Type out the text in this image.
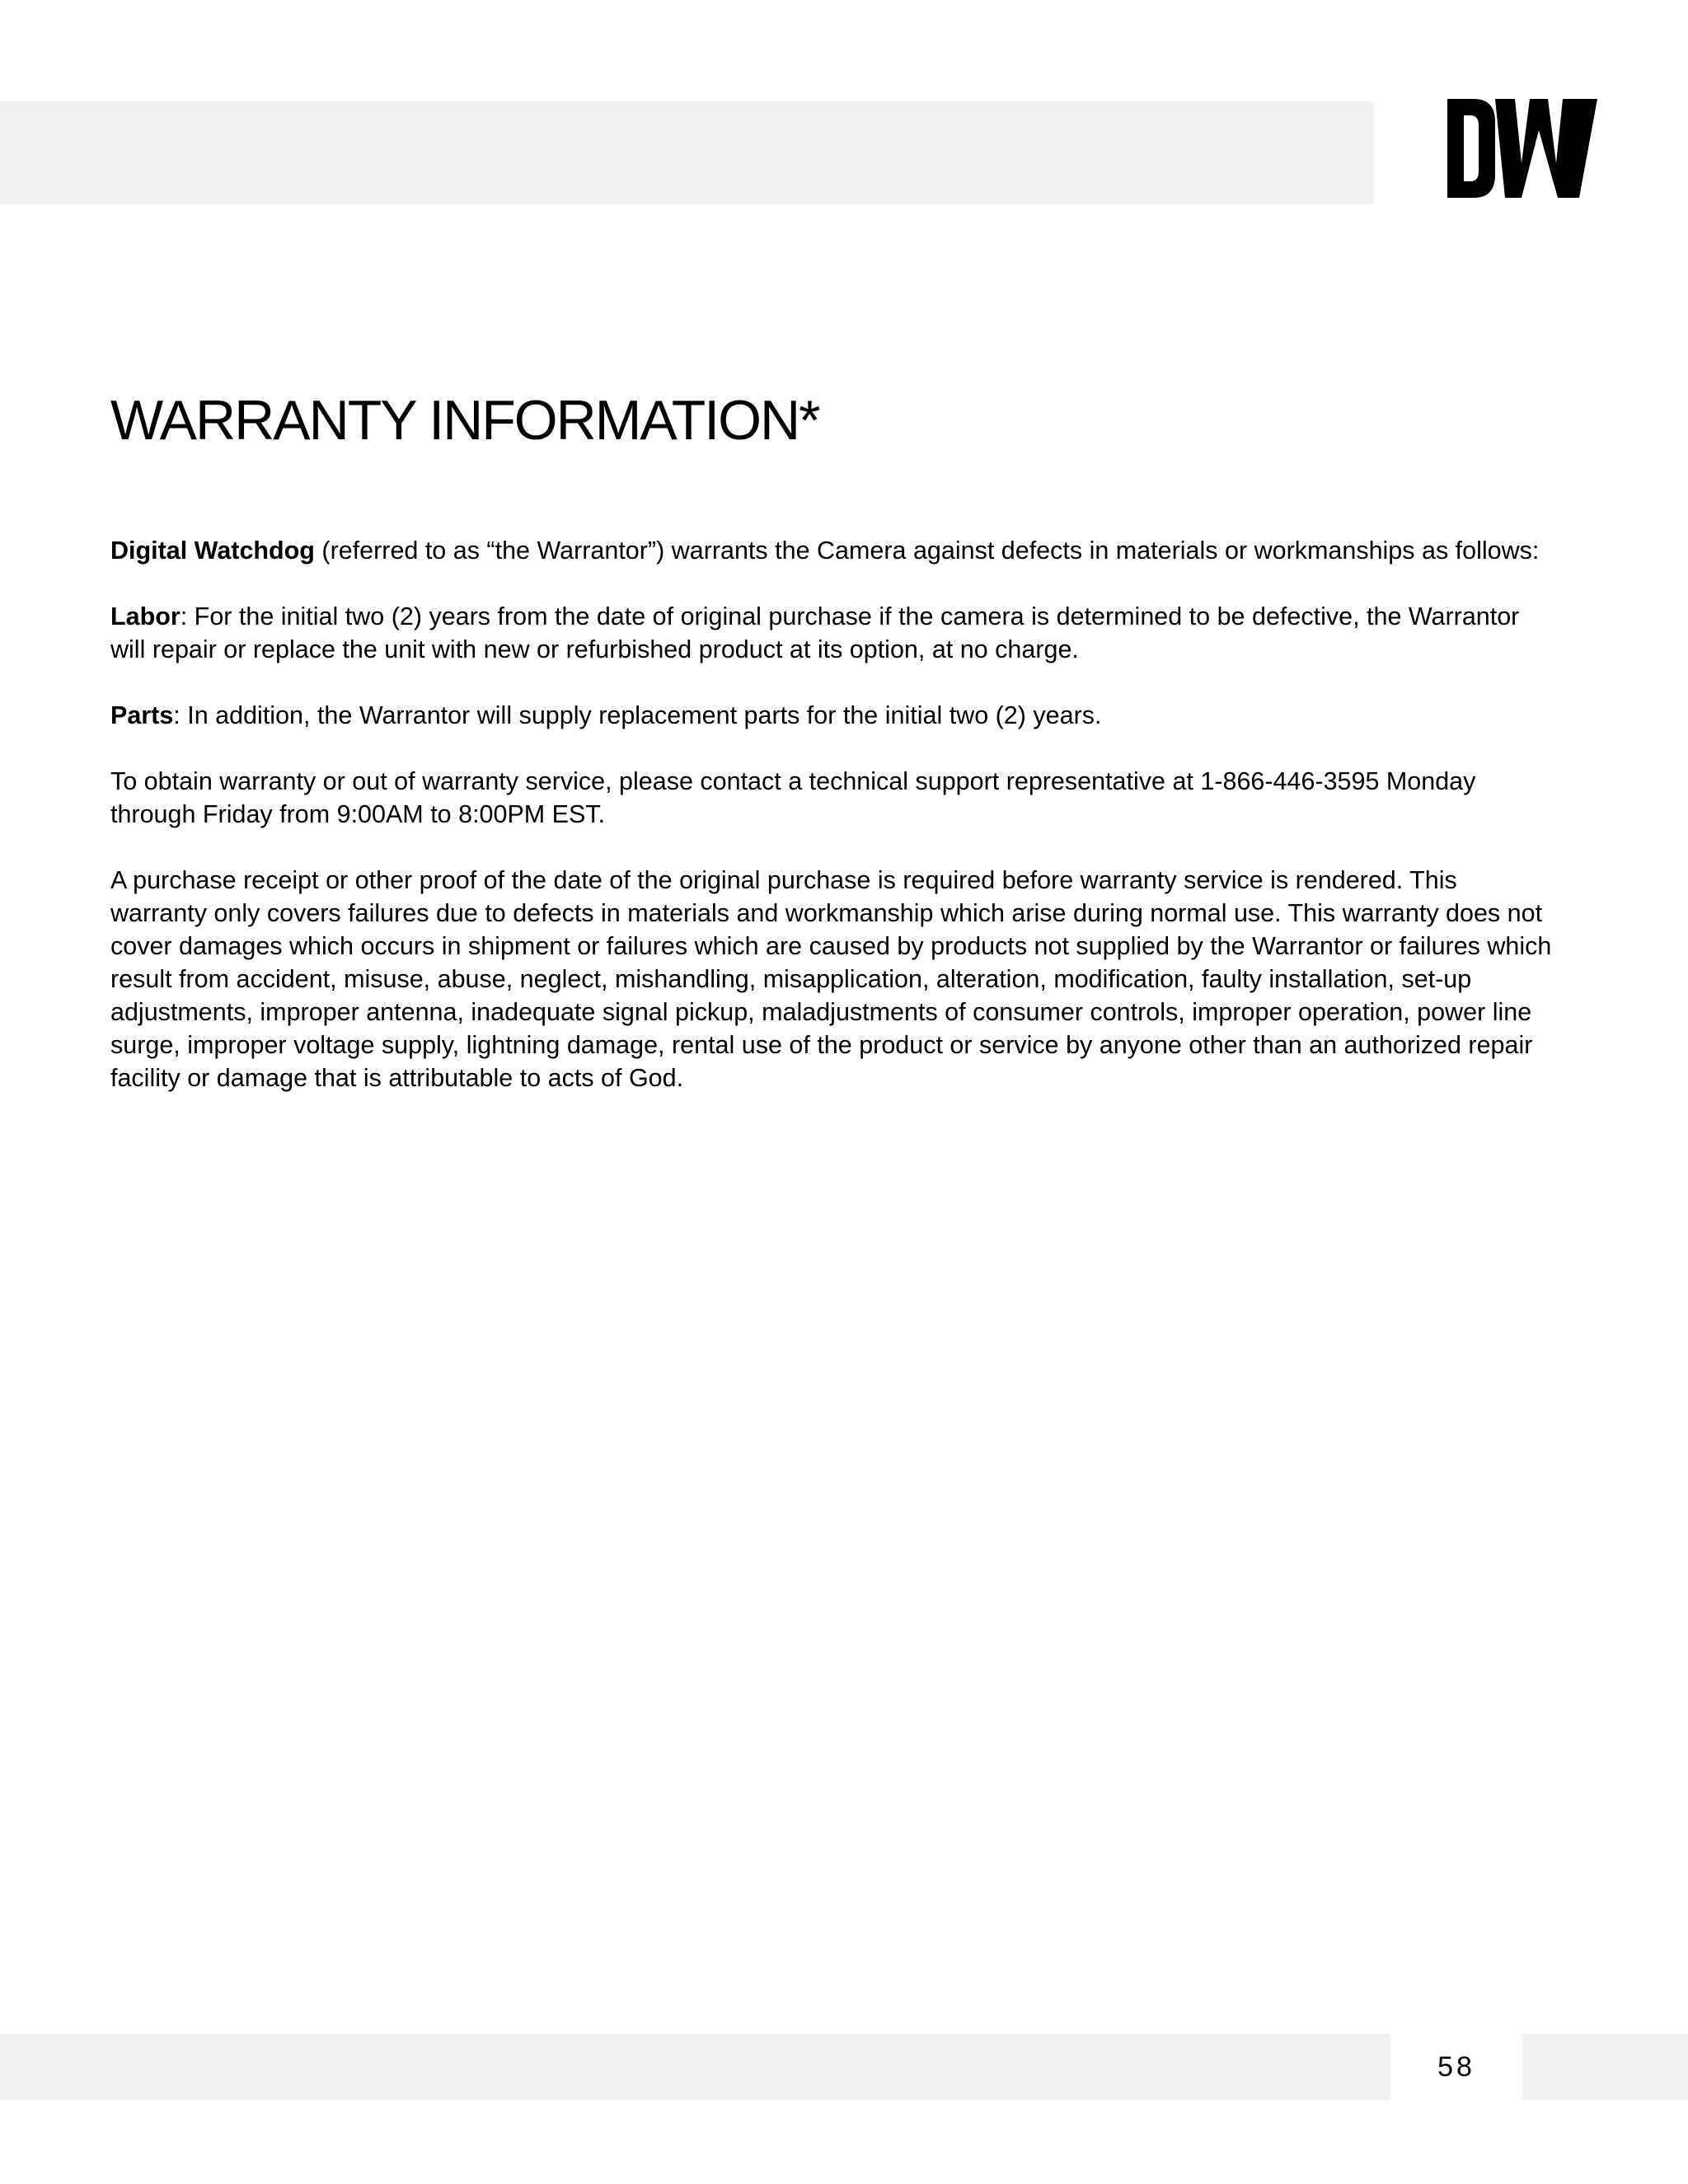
WARRANTY INFORMATION*

Digital Watchdog (referred to as “the Warrantor”) warrants the Camera against defects in materials or workmanships as follows:

Labor: For the initial two (2) years from the date of original purchase if the camera is determined to be defective, the Warrantor will repair or replace the unit with new or refurbished product at its option, at no charge.

Parts: In addition, the Warrantor will supply replacement parts for the initial two (2) years.

To obtain warranty or out of warranty service, please contact a technical support representative at 1-866-446-3595 Monday through Friday from 9:00AM to 8:00PM EST.

A purchase receipt or other proof of the date of the original purchase is required before warranty service is rendered. This warranty only covers failures due to defects in materials and workmanship which arise during normal use. This warranty does not cover damages which occurs in shipment or failures which are caused by products not supplied by the Warrantor or failures which result from accident, misuse, abuse, neglect, mishandling, misapplication, alteration, modification, faulty installation, set-up adjustments, improper antenna, inadequate signal pickup, maladjustments of consumer controls, improper operation, power line surge, improper voltage supply, lightning damage, rental use of the product or service by anyone other than an authorized repair facility or damage that is attributable to acts of God.

58
